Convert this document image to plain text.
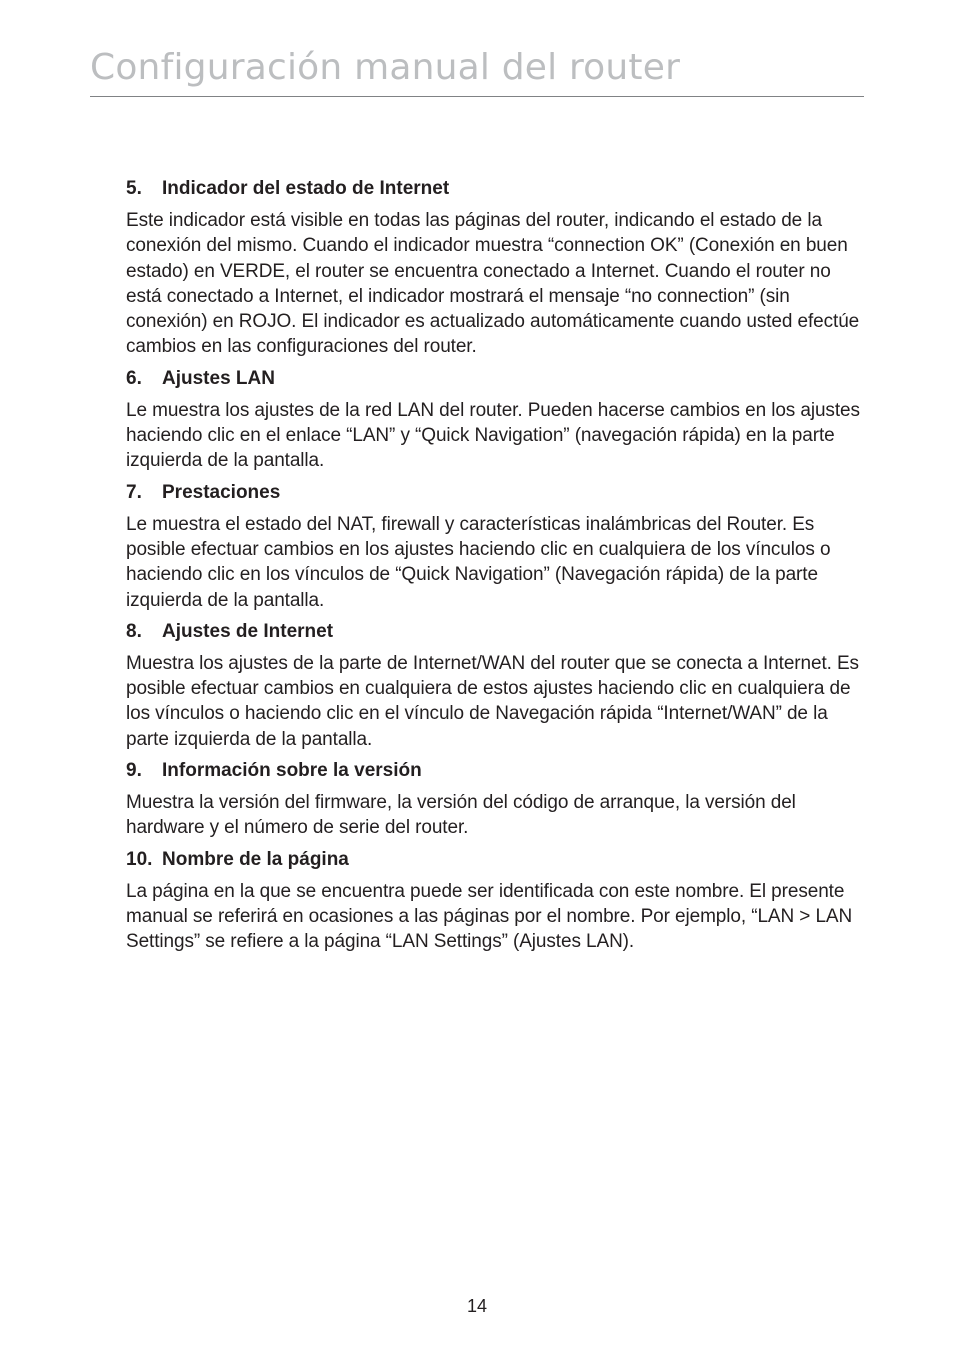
Configuración manual del router
5.	Indicador del estado de Internet

Este indicador está visible en todas las páginas del router, indicando el estado de la conexión del mismo. Cuando el indicador muestra “connection OK” (Conexión en buen estado) en VERDE, el router se encuentra conectado a Internet. Cuando el router no está conectado a Internet, el indicador mostrará el mensaje “no connection” (sin conexión) en ROJO. El indicador es actualizado automáticamente cuando usted efectúe cambios en las configuraciones del router.

6.	Ajustes LAN

Le muestra los ajustes de la red LAN del router. Pueden hacerse cambios en los ajustes haciendo clic en el enlace “LAN” y “Quick Navigation” (navegación rápida) en la parte izquierda de la pantalla.

7.	Prestaciones

Le muestra el estado del NAT, firewall y características inalámbricas del Router. Es posible efectuar cambios en los ajustes haciendo clic en cualquiera de los vínculos o haciendo clic en los vínculos de “Quick Navigation” (Navegación rápida) de la parte izquierda de la pantalla.

8.	Ajustes de Internet

Muestra los ajustes de la parte de Internet/WAN del router que se conecta a Internet. Es posible efectuar cambios en cualquiera de estos ajustes haciendo clic en cualquiera de los vínculos o haciendo clic en el vínculo de Navegación rápida “Internet/WAN” de la parte izquierda de la pantalla.

9.	Información sobre la versión

Muestra la versión del firmware, la versión del código de arranque, la versión del hardware y el número de serie del router.

10. Nombre de la página

La página en la que se encuentra puede ser identificada con este nombre. El presente manual se referirá en ocasiones a las páginas por el nombre. Por ejemplo, “LAN > LAN Settings” se refiere a la página “LAN Settings” (Ajustes LAN).

14
